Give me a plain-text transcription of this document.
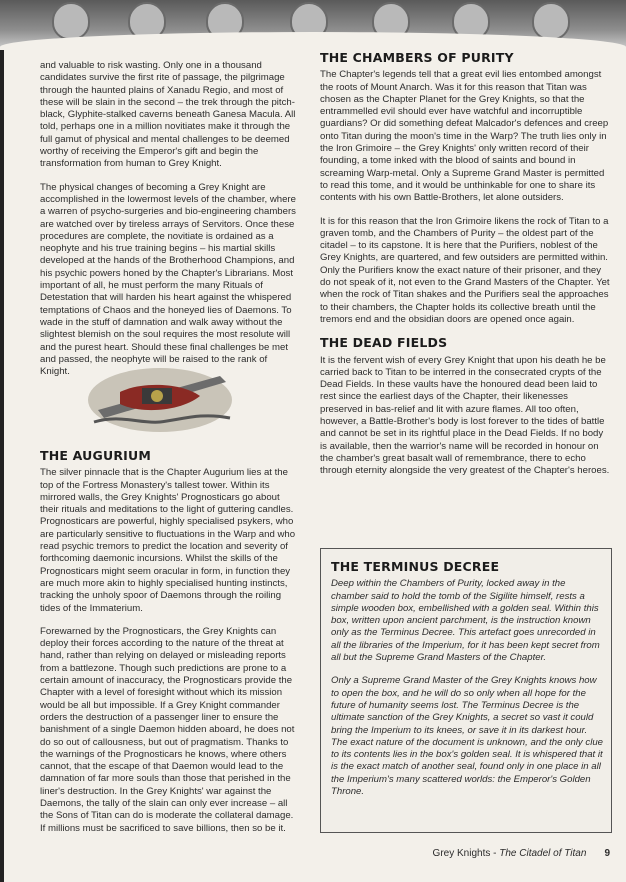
and valuable to risk wasting. Only one in a thousand candidates survive the first rite of passage, the pilgrimage through the haunted plains of Xanadu Regio, and most of these will be slain in the second – the trek through the pitch-black, Glyphite-stalked caverns beneath Ganesa Macula. All told, perhaps one in a million novitiates make it through the full gamut of physical and mental challenges to be deemed worthy of receiving the Emperor's gift and begin the transformation from human to Grey Knight.

The physical changes of becoming a Grey Knight are accomplished in the lowermost levels of the chamber, where a warren of psycho-surgeries and bio-engineering chambers are watched over by tireless arrays of Servitors. Once these procedures are complete, the novitiate is ordained as a neophyte and his true training begins – his martial skills developed at the hands of the Brotherhood Champions, and his psychic powers honed by the Chapter's Librarians. Most important of all, he must perform the many Rituals of Detestation that will harden his heart against the whispered temptations of Chaos and the honeyed lies of Daemons. To wade in the stuff of damnation and walk away without the slightest blemish on the soul requires the most resolute will and the purest heart. Should these final challenges be met and passed, the neophyte will be raised to the rank of Knight.

THE AUGURIUM

The silver pinnacle that is the Chapter Augurium lies at the top of the Fortress Monastery's tallest tower. Within its mirrored walls, the Grey Knights' Prognosticars go about their rituals and meditations to the light of guttering candles. Prognosticars are powerful, highly specialised psykers, who are particularly sensitive to fluctuations in the Warp and who read psychic tremors to predict the location and severity of forthcoming daemonic incursions. Whilst the skills of the Prognosticars might seem oracular in form, in function they are much more akin to highly specialised hunting instincts, tracking the unholy spoor of Daemons through the roiling tides of the Immaterium.

Forewarned by the Prognosticars, the Grey Knights can deploy their forces according to the nature of the threat at hand, rather than relying on delayed or misleading reports from a battlezone. Though such predictions are prone to a certain amount of inaccuracy, the Prognosticars provide the Chapter with a level of foresight without which its mission would be all but impossible. If a Grey Knight commander orders the destruction of a passenger liner to ensure the banishment of a single Daemon hidden aboard, he does not do so out of callousness, but out of pragmatism. Thanks to the warnings of the Prognosticars he knows, where others cannot, that the escape of that Daemon would lead to the damnation of far more souls than those that perished in the liner's destruction. In the Grey Knights' war against the Daemons, the tally of the slain can only ever increase – all the Sons of Titan can do is moderate the collateral damage. If millions must be sacrificed to save billions, then so be it.

THE CHAMBERS OF PURITY

The Chapter's legends tell that a great evil lies entombed amongst the roots of Mount Anarch. Was it for this reason that Titan was chosen as the Chapter Planet for the Grey Knights, so that the entrammelled evil should ever have watchful and incorruptible guardians? Or did something defeat Malcador's defences and creep onto Titan during the moon's time in the Warp? The truth lies only in the Iron Grimoire – the Grey Knights' only written record of their founding, a tome inked with the blood of saints and bound in screaming Warp-metal. Only a Supreme Grand Master is permitted to read this tome, and it would be unthinkable for one to share its contents with his own Battle-Brothers, let alone outsiders.

It is for this reason that the Iron Grimoire likens the rock of Titan to a graven tomb, and the Chambers of Purity – the oldest part of the citadel – to its capstone. It is here that the Purifiers, noblest of the Grey Knights, are quartered, and few outsiders are permitted within. Only the Purifiers know the exact nature of their prisoner, and they do not speak of it, not even to the Grand Masters of the Chapter. Yet when the rock of Titan shakes and the Purifiers seal the approaches to their chambers, the Chapter holds its collective breath until the tremors end and the obsidian doors are opened once again.

THE DEAD FIELDS

It is the fervent wish of every Grey Knight that upon his death he be carried back to Titan to be interred in the consecrated crypts of the Dead Fields. In these vaults have the honoured dead been laid to rest since the earliest days of the Chapter, their likenesses preserved in bas-relief and lit with azure flames. All too often, however, a Battle-Brother's body is lost forever to the tides of battle and cannot be set in its rightful place in the Dead Fields. If no body is available, then the warrior's name will be recorded in honour on the chamber's great basalt wall of remembrance, there to echo through eternity alongside the very greatest of the Chapter's heroes.

THE TERMINUS DECREE

Deep within the Chambers of Purity, locked away in the chamber said to hold the tomb of the Sigilite himself, rests a simple wooden box, embellished with a golden seal. Within this box, written upon ancient parchment, is the instruction known only as the Terminus Decree. This artefact goes unrecorded in all the libraries of the Imperium, for it has been kept secret from all but the Supreme Grand Masters of the Chapter.

Only a Supreme Grand Master of the Grey Knights knows how to open the box, and he will do so only when all hope for the future of humanity seems lost. The Terminus Decree is the ultimate sanction of the Grey Knights, a secret so vast it could bring the Imperium to its knees, or save it in its darkest hour. The exact nature of the document is unknown, and the only clue to its contents lies in the box's golden seal. It is whispered that it is the exact match of another seal, found only in one place in all the Imperium's many scattered worlds: the Emperor's Golden Throne.

Grey Knights - The Citadel of Titan 9
